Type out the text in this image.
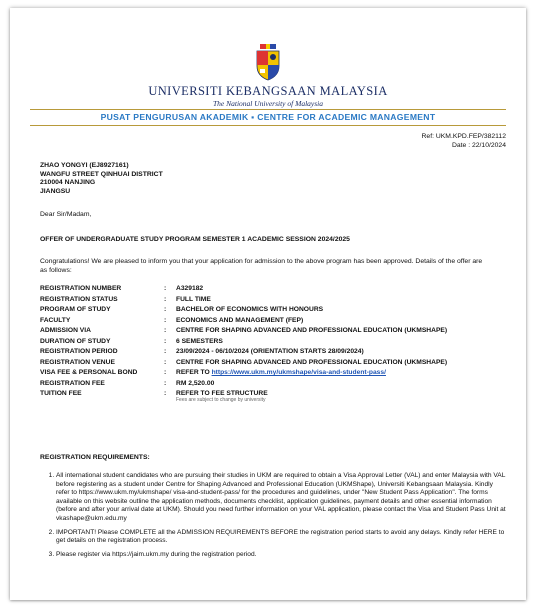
UNIVERSITI KEBANGSAAN MALAYSIA
The National University of Malaysia
PUSAT PENGURUSAN AKADEMIK ▪ CENTRE FOR ACADEMIC MANAGEMENT
Ref: UKM.KPD.FEP/382112
Date : 22/10/2024
ZHAO YONGYI (EJ8927161)
WANGFU STREET QINHUAI DISTRICT
210004 NANJING
JIANGSU
Dear Sir/Madam,
OFFER OF UNDERGRADUATE STUDY PROGRAM SEMESTER 1 ACADEMIC SESSION 2024/2025
Congratulations! We are pleased to inform you that your application for admission to the above program has been approved. Details of the offer are as follows:
REGISTRATION NUMBER	:	A329182
REGISTRATION STATUS	:	FULL TIME
PROGRAM OF STUDY	:	BACHELOR OF ECONOMICS WITH HONOURS
FACULTY	:	ECONOMICS AND MANAGEMENT (FEP)
ADMISSION VIA	:	CENTRE FOR SHAPING ADVANCED AND PROFESSIONAL EDUCATION (UKMSHAPE)
DURATION OF STUDY	:	6 SEMESTERS
REGISTRATION PERIOD	:	23/09/2024 - 06/10/2024 (ORIENTATION STARTS 28/09/2024)
REGISTRATION VENUE	:	CENTRE FOR SHAPING ADVANCED AND PROFESSIONAL EDUCATION (UKMSHAPE)
VISA FEE & PERSONAL BOND	:	REFER TO https://www.ukm.my/ukmshape/visa-and-student-pass/
REGISTRATION FEE	:	RM 2,520.00
TUITION FEE	:	REFER TO FEE STRUCTURE
Fees are subject to change by university
REGISTRATION REQUIREMENTS:
1. All international student candidates who are pursuing their studies in UKM are required to obtain a Visa Approval Letter (VAL) and enter Malaysia with VAL before registering as a student under Centre for Shaping Advanced and Professional Education (UKMShape), Universiti Kebangsaan Malaysia. Kindly refer to https://www.ukm.my/ukmshape/ visa-and-student-pass/ for the procedures and guidelines, under "New Student Pass Application". The forms available on this website outline the application methods, documents checklist, application guidelines, payment details and other essential information (before and after your arrival date at UKM). Should you need further information on your VAL application, please contact the Visa and Student Pass Unit at vkashape@ukm.edu.my
2. IMPORTANT! Please COMPLETE all the ADMISSION REQUIREMENTS BEFORE the registration period starts to avoid any delays. Kindly refer HERE to get details on the registration process.
3. Please register via https://jaim.ukm.my during the registration period.
